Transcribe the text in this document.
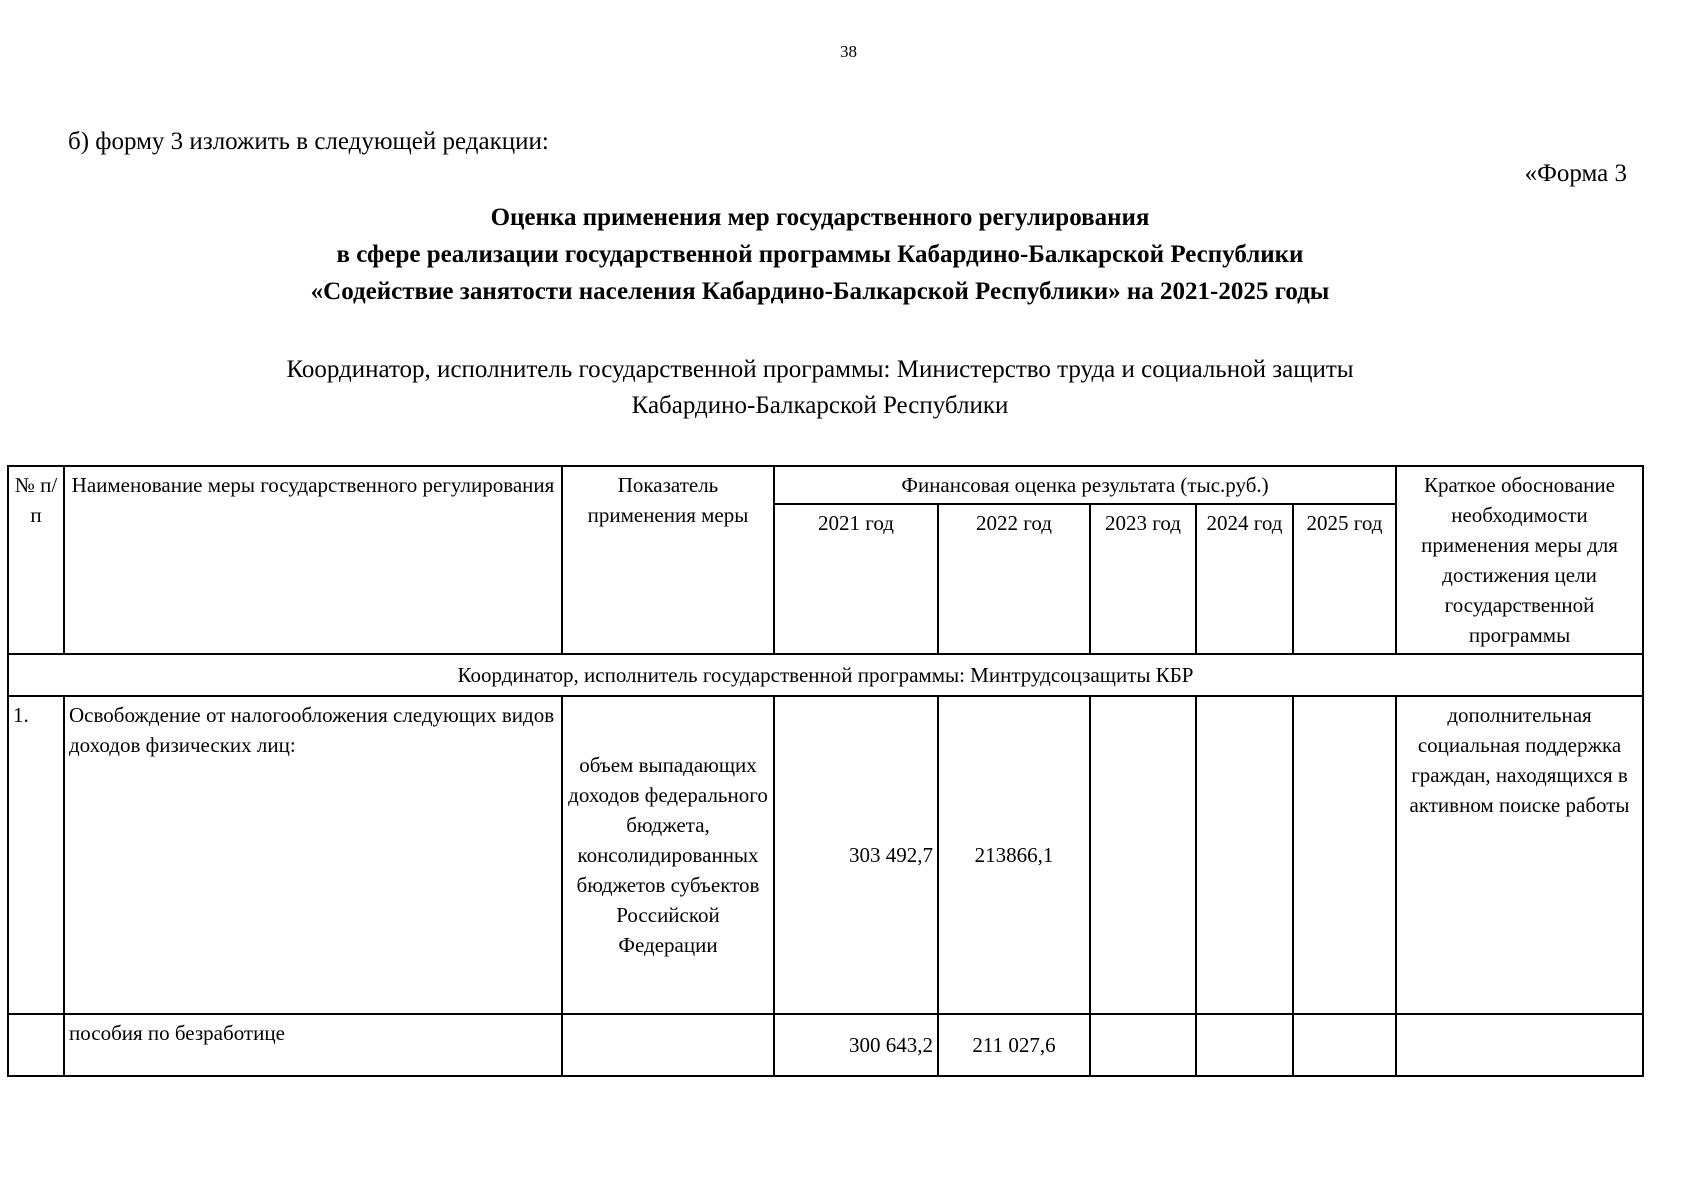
38
б) форму 3 изложить в следующей редакции:
«Форма 3
Оценка применения мер государственного регулирования
в сфере реализации государственной программы Кабардино-Балкарской Республики
«Содействие занятости населения Кабардино-Балкарской Республики» на 2021-2025 годы
Координатор, исполнитель государственной программы: Министерство труда и социальной защиты
Кабардино-Балкарской Республики
№ п/п	Наименование меры государственного регулирования	Показатель применения меры	Финансовая оценка результата (тыс.руб.)					Краткое обоснование необходимости применения меры для достижения цели государственной программы
			2021 год	2022 год	2023 год	2024 год	2025 год	
Координатор, исполнитель государственной программы: Минтрудсоцзащиты КБР								
1.	Освобождение от налогообложения следующих видов доходов физических лиц:	объем выпадающих доходов федерального бюджета, консолидированных бюджетов субъектов Российской Федерации	303 492,7	213866,1				дополнительная социальная поддержка граждан, находящихся в активном поиске работы
	пособия по безработице		300 643,2	211 027,6				
